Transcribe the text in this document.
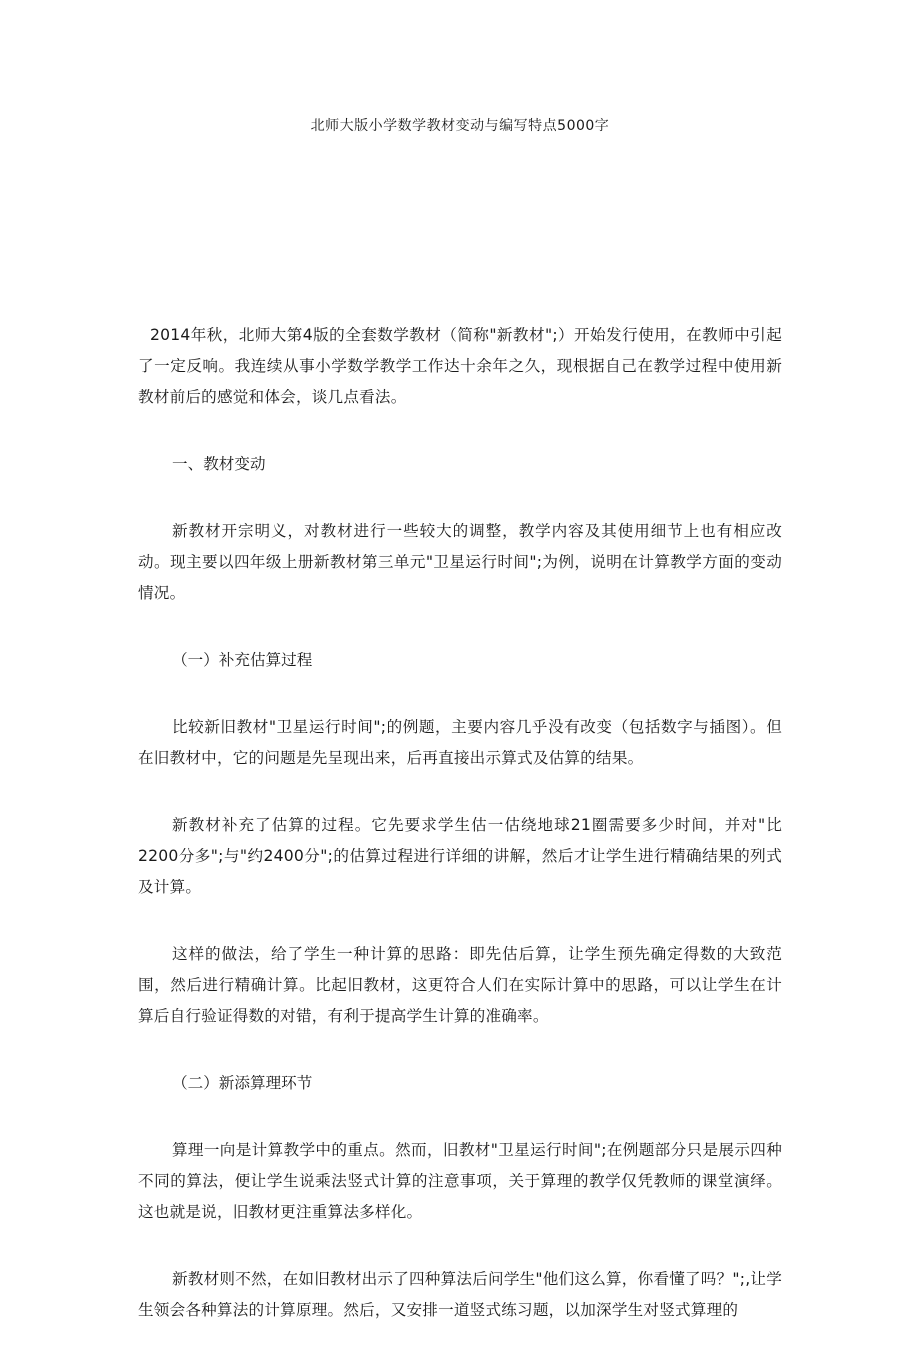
北师大版小学数学教材变动与编写特点5000字

2014年秋，北师大第4版的全套数学教材（简称"新教材";）开始发行使用，在教师中引起了一定反响。我连续从事小学数学教学工作达十余年之久，现根据自己在教学过程中使用新教材前后的感觉和体会，谈几点看法。

一、教材变动

新教材开宗明义，对教材进行一些较大的调整，教学内容及其使用细节上也有相应改动。现主要以四年级上册新教材第三单元"卫星运行时间";为例，说明在计算教学方面的变动情况。

（一）补充估算过程

比较新旧教材"卫星运行时间";的例题，主要内容几乎没有改变（包括数字与插图）。但在旧教材中，它的问题是先呈现出来，后再直接出示算式及估算的结果。

新教材补充了估算的过程。它先要求学生估一估绕地球21圈需要多少时间，并对"比2200分多";与"约2400分";的估算过程进行详细的讲解，然后才让学生进行精确结果的列式及计算。

这样的做法，给了学生一种计算的思路：即先估后算，让学生预先确定得数的大致范围，然后进行精确计算。比起旧教材，这更符合人们在实际计算中的思路，可以让学生在计算后自行验证得数的对错，有利于提高学生计算的准确率。

（二）新添算理环节

算理一向是计算教学中的重点。然而，旧教材"卫星运行时间";在例题部分只是展示四种不同的算法，便让学生说乘法竖式计算的注意事项，关于算理的教学仅凭教师的课堂演绎。这也就是说，旧教材更注重算法多样化。

新教材则不然，在如旧教材出示了四种算法后问学生"他们这么算，你看懂了吗？";,让学生领会各种算法的计算原理。然后，又安排一道竖式练习题，以加深学生对竖式算理的
